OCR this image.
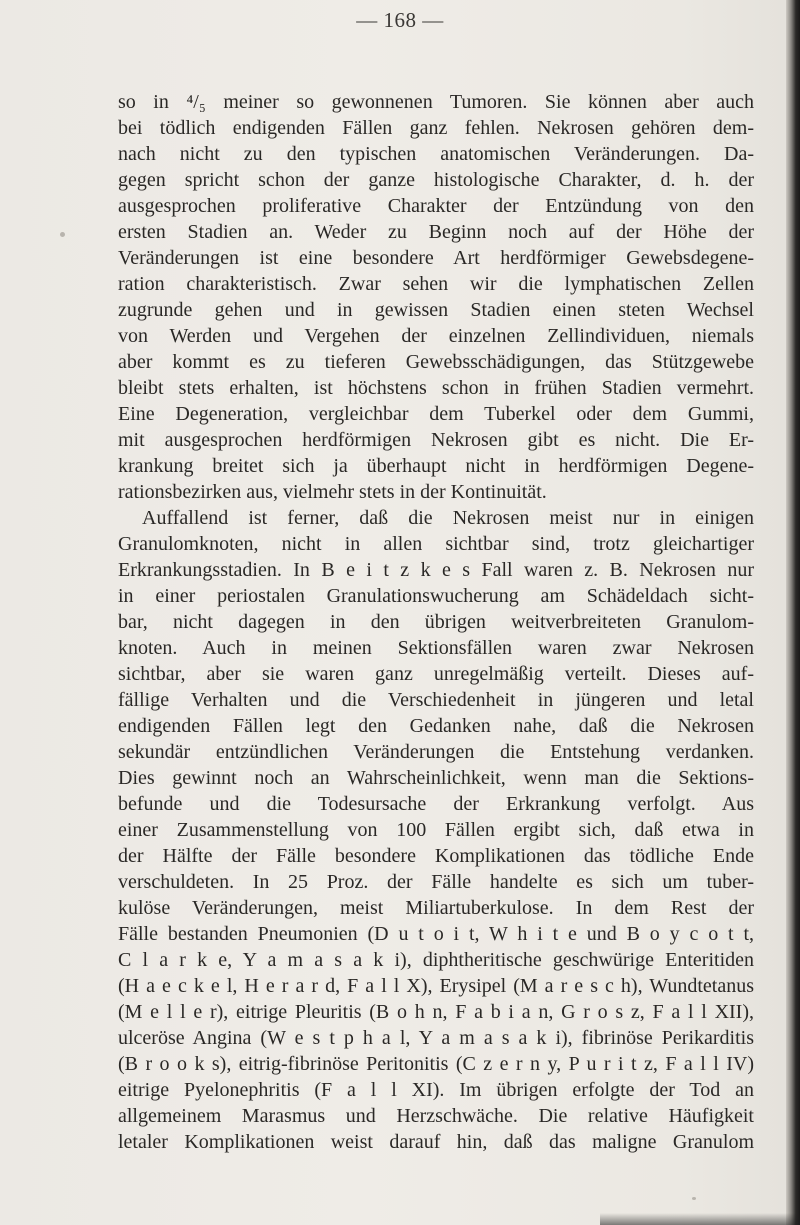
— 168 —
so in ⁴/₅ meiner so gewonnenen Tumoren. Sie können aber auch
bei tödlich endigenden Fällen ganz fehlen. Nekrosen gehören dem-
nach nicht zu den typischen anatomischen Veränderungen. Da-
gegen spricht schon der ganze histologische Charakter, d. h. der
ausgesprochen proliferative Charakter der Entzündung von den
ersten Stadien an. Weder zu Beginn noch auf der Höhe der
Veränderungen ist eine besondere Art herdförmiger Gewebsdegene-
ration charakteristisch. Zwar sehen wir die lymphatischen Zellen
zugrunde gehen und in gewissen Stadien einen steten Wechsel
von Werden und Vergehen der einzelnen Zellindividuen, niemals
aber kommt es zu tieferen Gewebsschädigungen, das Stützgewebe
bleibt stets erhalten, ist höchstens schon in frühen Stadien vermehrt.
Eine Degeneration, vergleichbar dem Tuberkel oder dem Gummi,
mit ausgesprochen herdförmigen Nekrosen gibt es nicht. Die Er-
krankung breitet sich ja überhaupt nicht in herdförmigen Degene-
rationsbezirken aus, vielmehr stets in der Kontinuität.
Auffallend ist ferner, daß die Nekrosen meist nur in einigen
Granulomknoten, nicht in allen sichtbar sind, trotz gleichartiger
Erkrankungsstadien. In B e i t z k e s Fall waren z. B. Nekrosen nur
in einer periostalen Granulationswucherung am Schädeldach sicht-
bar, nicht dagegen in den übrigen weitverbreiteten Granulom-
knoten. Auch in meinen Sektionsfällen waren zwar Nekrosen
sichtbar, aber sie waren ganz unregelmäßig verteilt. Dieses auf-
fällige Verhalten und die Verschiedenheit in jüngeren und letal
endigenden Fällen legt den Gedanken nahe, daß die Nekrosen
sekundär entzündlichen Veränderungen die Entstehung verdanken.
Dies gewinnt noch an Wahrscheinlichkeit, wenn man die Sektions-
befunde und die Todesursache der Erkrankung verfolgt. Aus
einer Zusammenstellung von 100 Fällen ergibt sich, daß etwa in
der Hälfte der Fälle besondere Komplikationen das tödliche Ende
verschuldeten. In 25 Proz. der Fälle handelte es sich um tuber-
kulöse Veränderungen, meist Miliartuberkulose. In dem Rest der
Fälle bestanden Pneumonien (D u t o i t, W h i t e und B o y c o t t,
C l a r k e, Y a m a s a k i), diphtheritische geschwürige Enteritiden
(H a e c k e l, H e r a r d, F a l l X), Erysipel (M a r e s c h), Wundtetanus
(M e l l e r), eitrige Pleuritis (B o h n, F a b i a n, G r o s z, F a l l XII),
ulceröse Angina (W e s t p h a l, Y a m a s a k i), fibrinöse Perikarditis
(B r o o k s), eitrig-fibrinöse Peritonitis (C z e r n y, P u r i t z, F a l l IV)
eitrige Pyelonephritis (F a l l XI). Im übrigen erfolgte der Tod an
allgemeinem Marasmus und Herzschwäche. Die relative Häufigkeit
letaler Komplikationen weist darauf hin, daß das maligne Granulom
